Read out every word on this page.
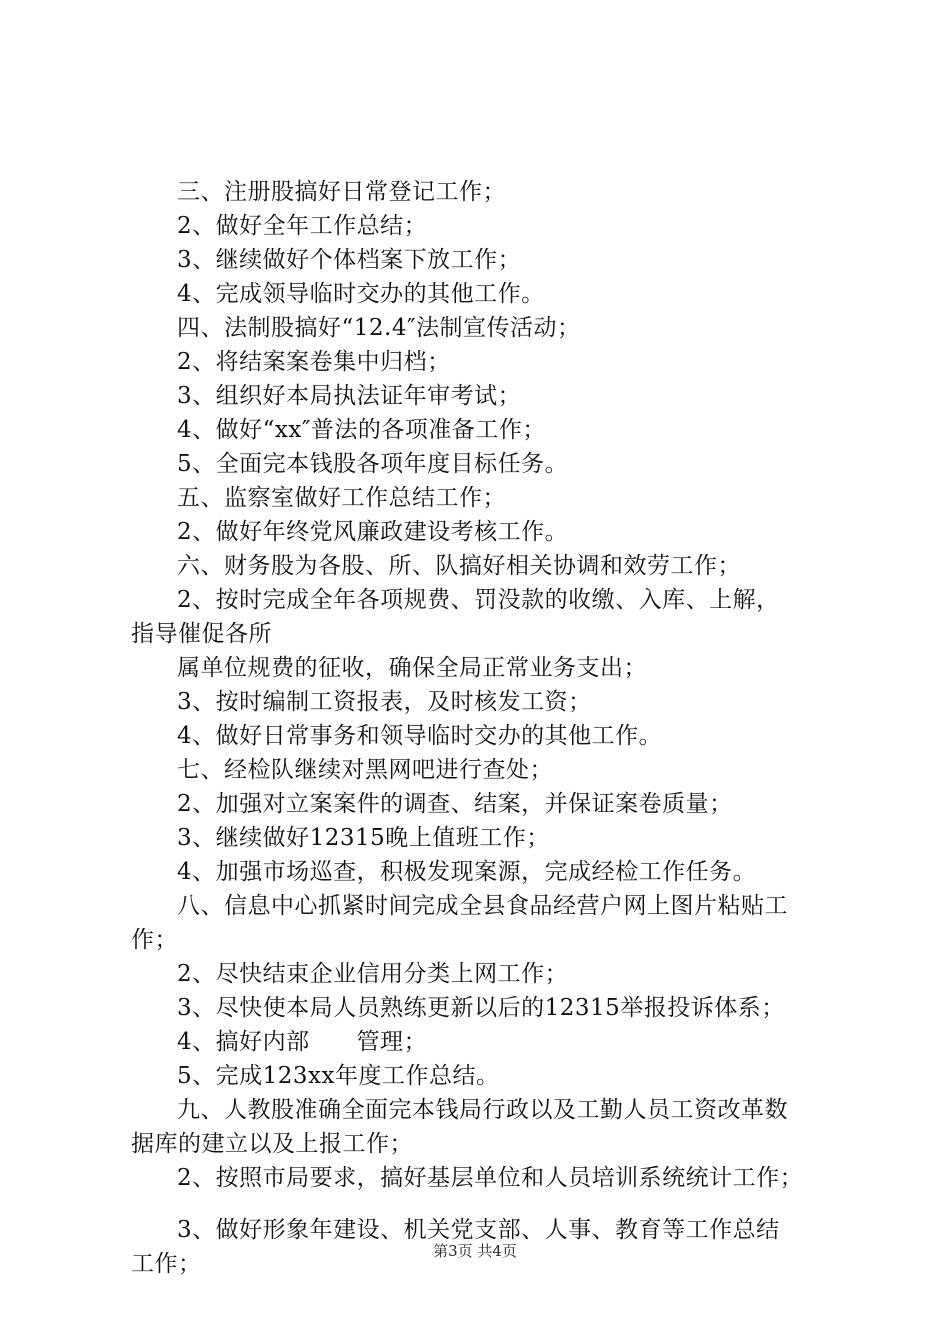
三、注册股搞好日常登记工作；
2、做好全年工作总结；
3、继续做好个体档案下放工作；
4、完成领导临时交办的其他工作。
四、法制股搞好“12.4″法制宣传活动；
2、将结案案卷集中归档；
3、组织好本局执法证年审考试；
4、做好“xx″普法的各项准备工作；
5、全面完本钱股各项年度目标任务。
五、监察室做好工作总结工作；
2、做好年终党风廉政建设考核工作。
六、财务股为各股、所、队搞好相关协调和效劳工作；
2、按时完成全年各项规费、罚没款的收缴、入库、上解，
指导催促各所
属单位规费的征收，确保全局正常业务支出；
3、按时编制工资报表，及时核发工资；
4、做好日常事务和领导临时交办的其他工作。
七、经检队继续对黑网吧进行查处；
2、加强对立案案件的调查、结案，并保证案卷质量；
3、继续做好12315晚上值班工作；
4、加强市场巡查，积极发现案源，完成经检工作任务。
八、信息中心抓紧时间完成全县食品经营户网上图片粘贴工
作；
2、尽快结束企业信用分类上网工作；
3、尽快使本局人员熟练更新以后的12315举报投诉体系；
4、搞好内部　　管理；
5、完成123xx年度工作总结。
九、人教股准确全面完本钱局行政以及工勤人员工资改革数
据库的建立以及上报工作；
2、按照市局要求，搞好基层单位和人员培训系统统计工作；
3、做好形象年建设、机关党支部、人事、教育等工作总结
工作；	第3页 共4页
